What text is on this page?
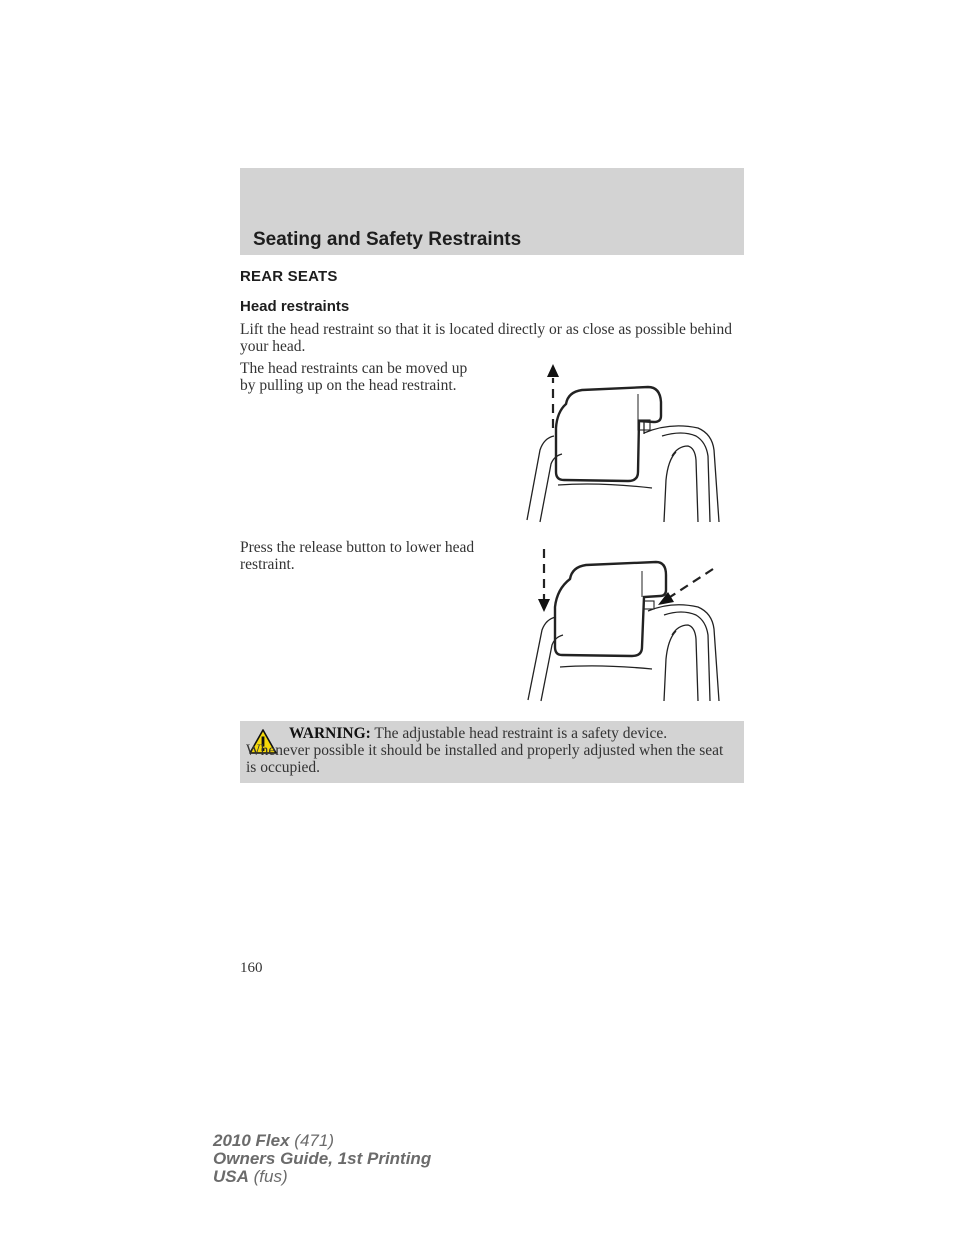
Seating and Safety Restraints
REAR SEATS
Head restraints
Lift the head restraint so that it is located directly or as close as possible behind your head.
The head restraints can be moved up by pulling up on the head restraint.
Press the release button to lower head restraint.
WARNING: The adjustable head restraint is a safety device. Whenever possible it should be installed and properly adjusted when the seat is occupied.
160
2010 Flex (471)
Owners Guide, 1st Printing
USA (fus)
